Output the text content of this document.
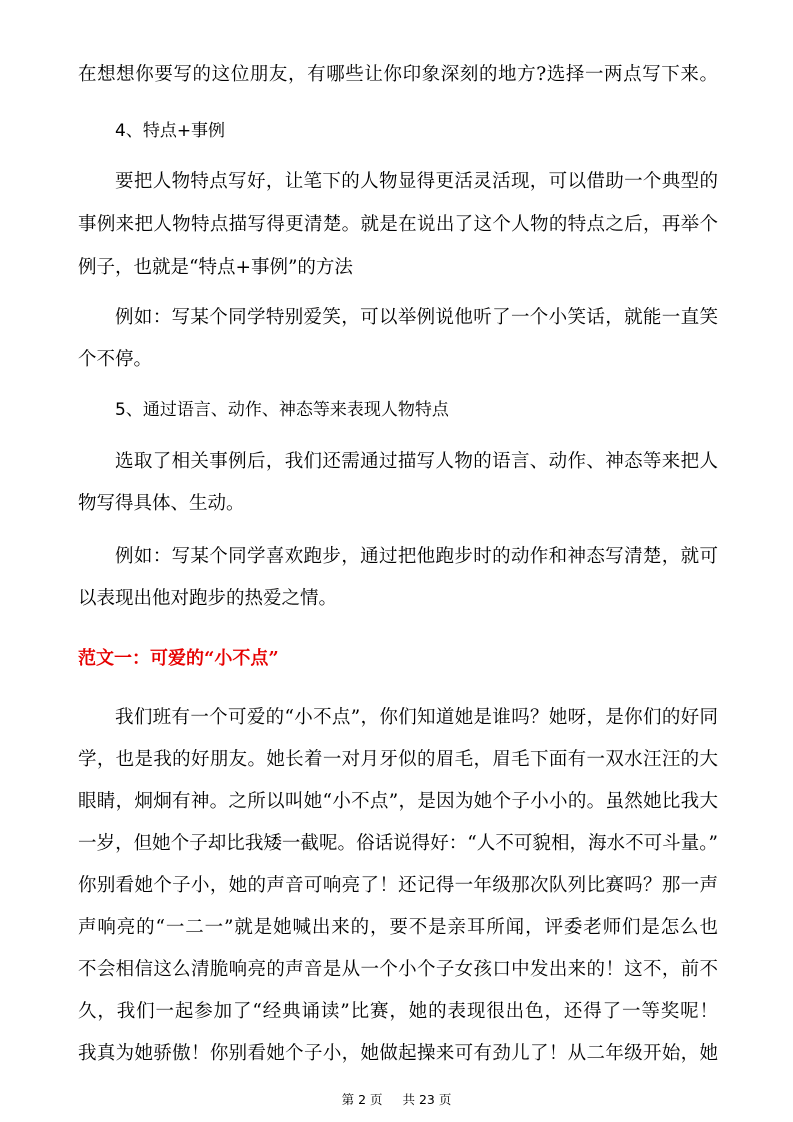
在想想你要写的这位朋友，有哪些让你印象深刻的地方?选择一两点写下来。
4、特点+事例
要把人物特点写好，让笔下的人物显得更活灵活现，可以借助一个典型的
事例来把人物特点描写得更清楚。就是在说出了这个人物的特点之后，再举个
例子，也就是“特点+事例”的方法
例如：写某个同学特别爱笑，可以举例说他听了一个小笑话，就能一直笑
个不停。
5、通过语言、动作、神态等来表现人物特点
选取了相关事例后，我们还需通过描写人物的语言、动作、神态等来把人
物写得具体、生动。
例如：写某个同学喜欢跑步，通过把他跑步时的动作和神态写清楚，就可
以表现出他对跑步的热爱之情。
范文一：可爱的“小不点”
我们班有一个可爱的“小不点”，你们知道她是谁吗？她呀，是你们的好同
学，也是我的好朋友。她长着一对月牙似的眉毛，眉毛下面有一双水汪汪的大
眼睛，炯炯有神。之所以叫她“小不点”，是因为她个子小小的。虽然她比我大
一岁，但她个子却比我矮一截呢。俗话说得好：“人不可貌相，海水不可斗量。”
你别看她个子小，她的声音可响亮了！还记得一年级那次队列比赛吗？那一声
声响亮的“一二一”就是她喊出来的，要不是亲耳所闻，评委老师们是怎么也
不会相信这么清脆响亮的声音是从一个小个子女孩口中发出来的！这不，前不
久，我们一起参加了“经典诵读”比赛，她的表现很出色，还得了一等奖呢！
我真为她骄傲！你别看她个子小，她做起操来可有劲儿了！从二年级开始，她
第 2 页 共 23 页
